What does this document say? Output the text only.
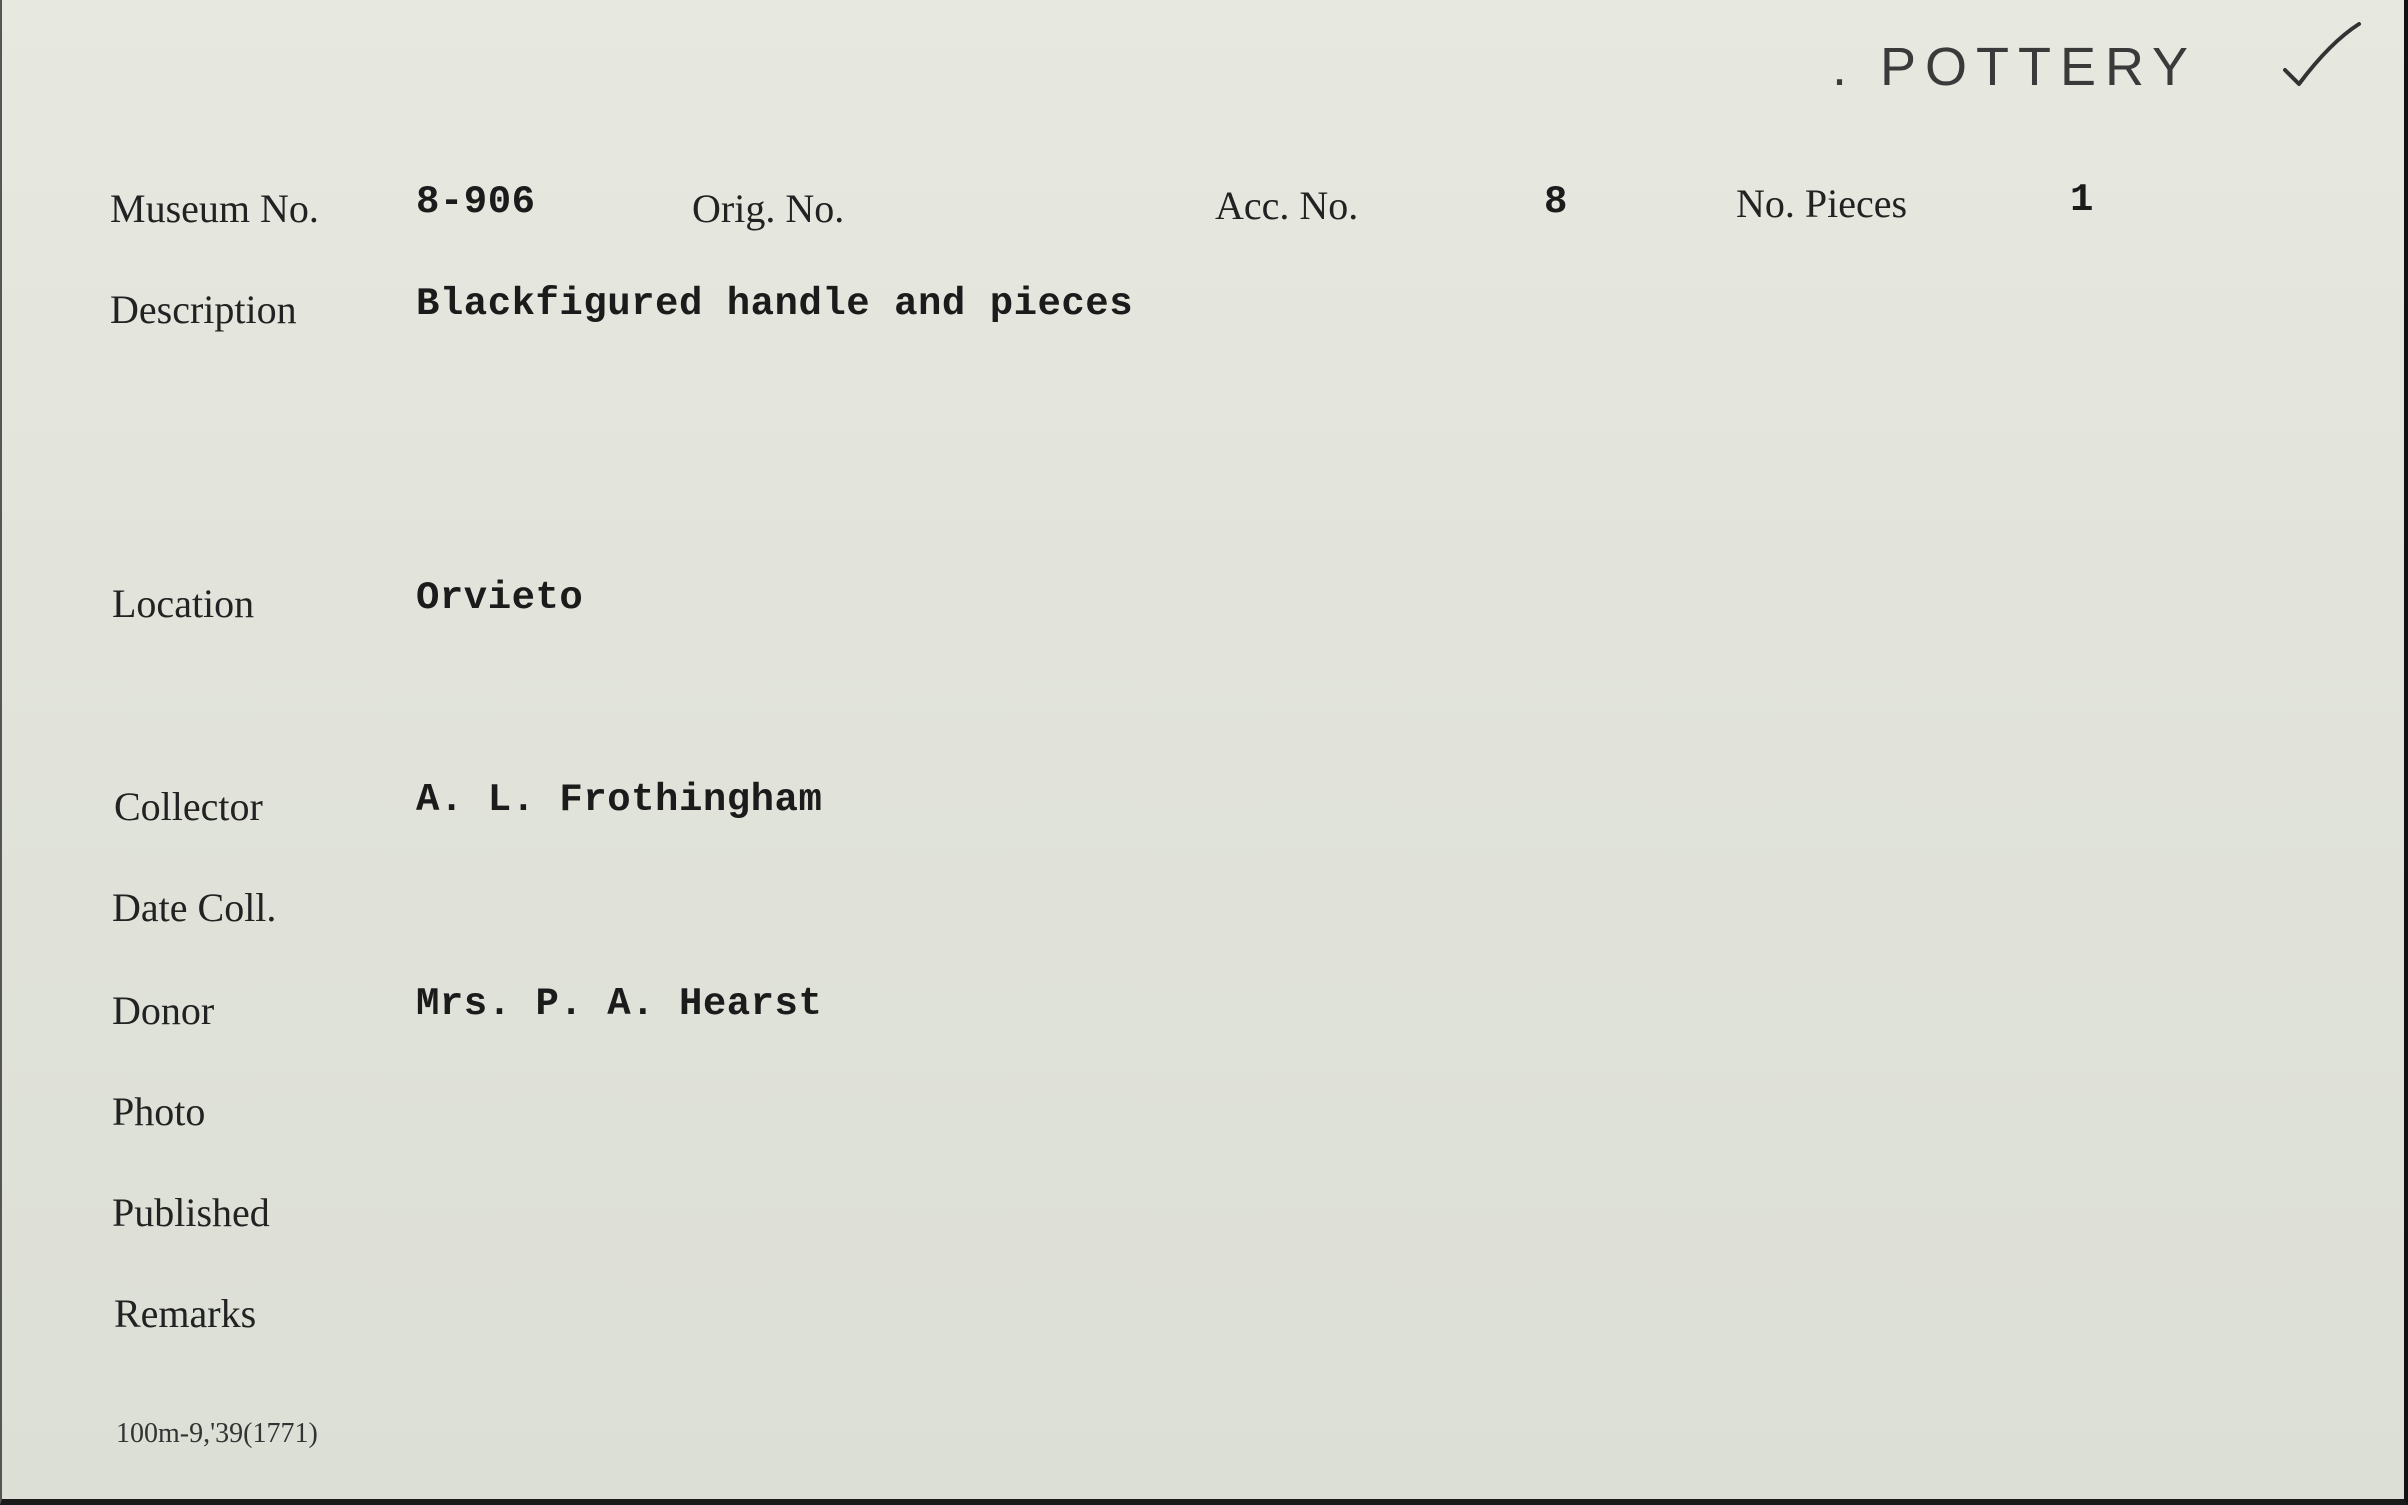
. POTTERY
Museum No. 8-906	Orig. No.	Acc. No.	8	No. Pieces	1
Description	Blackfigured handle and pieces
Location	Orvieto
Collector	A. L. Frothingham
Date Coll.
Donor	Mrs. P. A. Hearst
Photo
Published
Remarks
100m-9,'39(1771)
